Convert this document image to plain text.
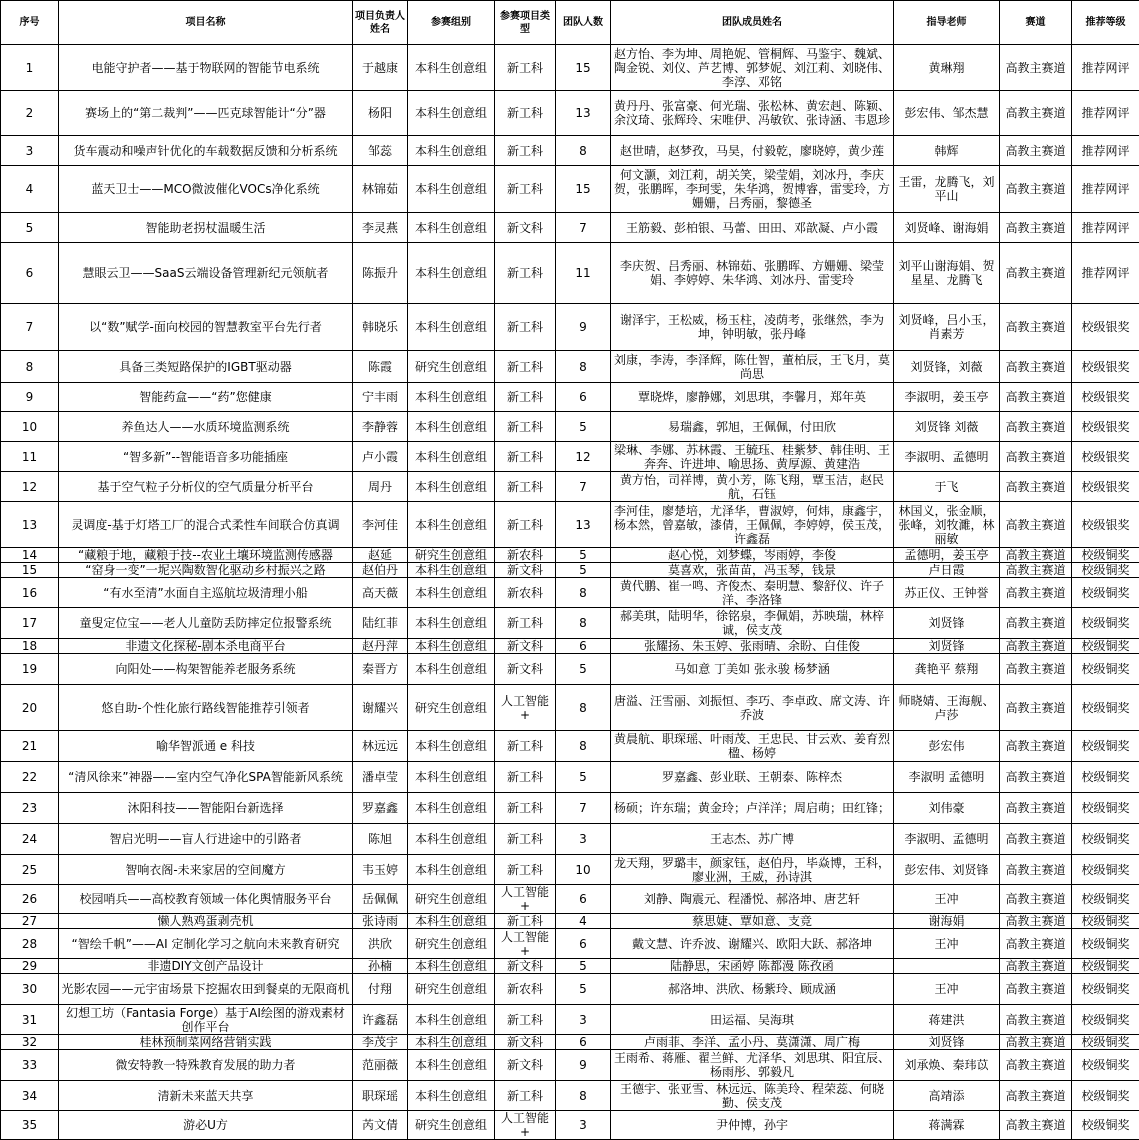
序号	项目名称	项目负责人姓名	参赛组别	参赛项目类型	团队人数	团队成员姓名	指导老师	赛道	推荐等级
1	电能守护者——基于物联网的智能节电系统	于越康	本科生创意组	新工科	15	赵方怡、李为坤、周艳妮、管桐辉、马鉴宇、魏斌、陶金锐、刘仪、芦艺博、郭梦妮、刘江莉、刘晓伟、李淳、邓铭	黄琳翔	高教主赛道	推荐网评
2	赛场上的“第二裁判”——匹克球智能计“分”器	杨阳	本科生创意组	新工科	13	黄丹丹、张富豪、何光瑞、张松林、黄宏赳、陈颖、余汶琦、张辉玲、宋唯伊、冯敏钦、张诗涵、韦恩珍	彭宏伟、邹杰慧	高教主赛道	推荐网评
3	货车震动和噪声针优化的车载数据反馈和分析系统	邹蕊	本科生创意组	新工科	8	赵世晴，赵梦孜，马昊，付毅乾，廖晓婷，黄少莲	韩辉	高教主赛道	推荐网评
4	蓝天卫士——MCO微波催化VOCs净化系统	林锦茹	本科生创意组	新工科	15	何文灏，刘江莉，胡关笑，梁莹娟，刘冰丹，李庆贺，张鹏晖，李珂雯，朱华鸿，贺博睿，雷雯玲，方姗姗，吕秀丽，黎德圣	王雷，龙腾飞，刘平山	高教主赛道	推荐网评
5	智能助老拐杖温暖生活	李灵燕	本科生创意组	新文科	7	王筋毅、彭柏银、马蕾、田田、邓歆凝、卢小霞	刘贤峰、谢海娟	高教主赛道	推荐网评
6	慧眼云卫——SaaS云端设备管理新纪元领航者	陈振升	本科生创意组	新工科	11	李庆贺、吕秀丽、林锦茹、张鹏晖、方姗姗、梁莹娟、李婷婷、朱华鸿、刘冰丹、雷雯玲	刘平山谢海娟、贺星星、龙腾飞	高教主赛道	推荐网评
7	以“数”赋学-面向校园的智慧教室平台先行者	韩晓乐	本科生创意组	新工科	9	谢泽宇，王松威，杨玉柱，凌荫考，张继然，李为坤，钟明敏，张丹峰	刘贤峰，吕小玉，肖素芳	高教主赛道	校级银奖
8	具备三类短路保护的IGBT驱动器	陈霞	研究生创意组	新工科	8	刘康，李涛，李泽辉，陈仕智，董柏辰，王飞月，莫尚思	刘贤锋，刘薇	高教主赛道	校级银奖
9	智能药盒——“药”您健康	宁丰雨	本科生创意组	新工科	6	覃晓烨，廖静娜，刘思琪，李馨月，郑年英	李淑明，姜玉亭	高教主赛道	校级银奖
10	养鱼达人——水质环境监测系统	李静蓉	本科生创意组	新工科	5	易瑞鑫，郭旭，王佩佩，付田欣	刘贤锋 刘薇	高教主赛道	校级银奖
11	“智多新”--智能语音多功能插座	卢小霞	本科生创意组	新工科	12	梁琳、李娜、苏林霞、王毓珏、桂紫梦、韩佳明、王奔奔、许进坤、喻思扬、黄厚源、黄建浩	李淑明、孟德明	高教主赛道	校级银奖
12	基于空气粒子分析仪的空气质量分析平台	周丹	本科生创意组	新工科	7	黄方怡，司祥博，黄小芳，陈飞翔，覃玉洁，赵民航，石钰	于飞	高教主赛道	校级银奖
13	灵调度-基于灯塔工厂的混合式柔性车间联合仿真调	李河佳	本科生创意组	新工科	13	李河佳，廖楚培，尤泽华，曹淑婷，何炜，康鑫宇，杨本然，曾嘉敏，漆倩，王佩佩，李婷婷，侯玉茂，许鑫磊	林国义，张金顺，张峰，刘牧濉，林丽敏	高教主赛道	校级银奖
14	“藏粮于地，藏粮于技--农业土壤环境监测传感器	赵延	研究生创意组	新农科	5	赵心悦，刘梦蝶，岑雨婷，李俊	孟德明，姜玉亭	高教主赛道	校级铜奖
15	“窑身一变”一坭兴陶数智化驱动乡村振兴之路	赵伯丹	本科生创意组	新文科	5	莫喜欢，张苗苗，冯玉琴，钱景	卢日霞	高教主赛道	校级铜奖
16	“有水至清”水面自主巡航垃圾清理小船	高天薇	本科生创意组	新农科	8	黄代鹏、崔一鸣、齐俊杰、秦明慧、黎舒仪、许子洋、李洛锋	苏正仪、王钟誉	高教主赛道	校级铜奖
17	童叟定位宝——老人儿童防丢防摔定位报警系统	陆红菲	本科生创意组	新工科	8	郝美琪，陆明华，徐铭泉，李佩娟，苏映瑞，林梓诚，侯支茂	刘贤锋	高教主赛道	校级铜奖
18	非遗文化探秘-剧本杀电商平台	赵丹萍	本科生创意组	新文科	6	张耀扬、朱玉婷、张雨晴、余盼、白佳俊	刘贤锋	高教主赛道	校级铜奖
19	向阳处——构架智能养老服务系统	秦晋方	本科生创意组	新文科	5	马如意 丁美如 张永骏 杨梦涵	龚艳平 蔡翔	高教主赛道	校级铜奖
20	悠自助-个性化旅行路线智能推荐引领者	谢耀兴	研究生创意组	人工智能+	8	唐溢、汪雪丽、刘振恒、李巧、李卓政、席文涛、许乔波	师晓婧、王海舰、卢莎	高教主赛道	校级铜奖
21	喻华智派通 e 科技	林远远	本科生创意组	新工科	8	黄晨航、职琛瑶、叶雨茂、王忠民、甘云欢、姜育烈楹、杨婷	彭宏伟	高教主赛道	校级铜奖
22	“清风徐来”神器——室内空气净化SPA智能新风系统	潘卓莹	本科生创意组	新工科	5	罗嘉鑫、彭业联、王朝泰、陈梓杰	李淑明 孟德明	高教主赛道	校级铜奖
23	沐阳科技——智能阳台新选择	罗嘉鑫	本科生创意组	新工科	7	杨硕；许东瑞；黄金玲；卢洋洋；周启萌；田红锋；	刘伟豪	高教主赛道	校级铜奖
24	智启光明——盲人行进途中的引路者	陈旭	本科生创意组	新工科	3	王志杰、苏广博	李淑明、孟德明	高教主赛道	校级铜奖
25	智响衣阁-未来家居的空间魔方	韦玉婷	本科生创意组	新工科	10	龙天翔，罗璐丰，颜家钰，赵伯丹，毕焱博，王科，廖业洲，王威，孙诗淇	彭宏伟、刘贤锋	高教主赛道	校级铜奖
26	校园哨兵——高校教育领域一体化舆情服务平台	岳佩佩	研究生创意组	人工智能+	6	刘静、陶震元、程潘悦、郝洛坤、唐艺轩	王冲	高教主赛道	校级铜奖
27	懒人熟鸡蛋剥壳机	张诗雨	本科生创意组	新工科	4	蔡思婕、覃如意、支竞	谢海娟	高教主赛道	校级铜奖
28	“智绘千帆”——AI 定制化学习之航向未来教育研究	洪欣	研究生创意组	人工智能+	6	戴文慧、许乔波、谢耀兴、欧阳大跃、郝洛坤	王冲	高教主赛道	校级铜奖
29	非遗DIY文创产品设计	孙楠	本科生创意组	新文科	5	陆静思，宋函婷 陈都漫 陈孜函		高教主赛道	校级铜奖
30	光影农园——元宇宙场景下挖掘农田到餐桌的无限商机	付翔	研究生创意组	新农科	5	郝洛坤、洪欣、杨紫玲、顾成涵	王冲	高教主赛道	校级铜奖
31	幻想工坊（Fantasia Forge）基于AI绘图的游戏素材创作平台	许鑫磊	本科生创意组	新工科	3	田运福、吴海琪	蒋建洪	高教主赛道	校级铜奖
32	桂林预制菜网络营销实践	李茂宇	本科生创意组	新文科	6	卢雨菲、李洋、孟小丹、莫潇潇、周广梅	刘贤锋	高教主赛道	校级铜奖
33	微安特教一特殊教育发展的助力者	范丽薇	本科生创意组	新文科	9	王雨希、蒋雁、翟兰鲜、尤泽华、刘思琪、阳宜辰、杨雨彤、郭毅凡	刘承焕、秦玮苡	高教主赛道	校级铜奖
34	清新未来蓝天共享	职琛瑶	本科生创意组	新工科	8	王德宇、张亚雪、林远远、陈美玲、程荣蕊、何晓勤、侯支茂	高靖添	高教主赛道	校级铜奖
35	游必U方	芮文倩	研究生创意组	人工智能+	3	尹仲博，孙宇	蒋满霖	高教主赛道	校级铜奖
